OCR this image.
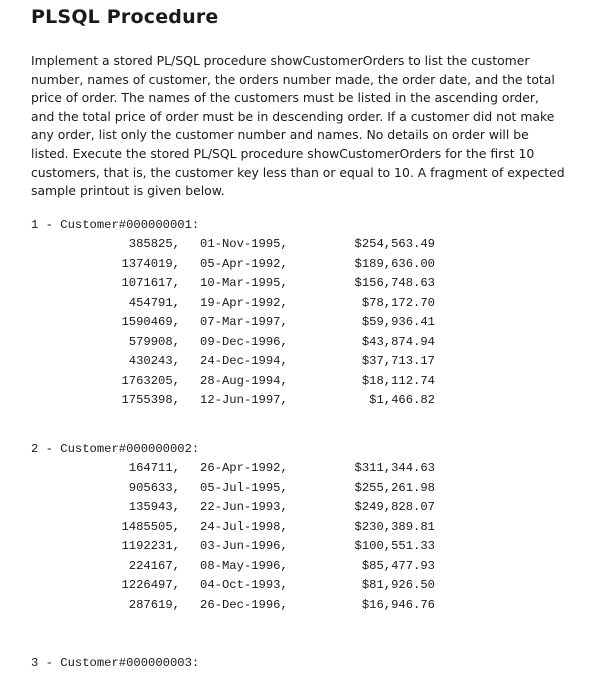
PLSQL Procedure

Implement a stored PL/SQL procedure showCustomerOrders to list the customer
number, names of customer, the orders number made, the order date, and the total
price of order. The names of the customers must be listed in the ascending order,
and the total price of order must be in descending order. If a customer did not make
any order, list only the customer number and names. No details on order will be
listed. Execute the stored PL/SQL procedure showCustomerOrders for the first 10
customers, that is, the customer key less than or equal to 10. A fragment of expected
sample printout is given below.

1 - Customer#000000001:
385825, 01-Nov-1995,	$254,563.49
1374019, 05-Apr-1992,	$189,636.00
1071617, 10-Mar-1995,	$156,748.63
454791, 19-Apr-1992,	$78,172.70
1590469, 07-Mar-1997,	$59,936.41
579908, 09-Dec-1996,	$43,874.94
430243, 24-Dec-1994,	$37,713.17
1763205, 28-Aug-1994,	$18,112.74
1755398, 12-Jun-1997,	$1,466.82
2 - Customer#000000002:
164711, 26-Apr-1992,	$311,344.63
905633, 05-Jul-1995,	$255,261.98
135943, 22-Jun-1993,	$249,828.07
1485505, 24-Jul-1998,	$230,389.81
1192231, 03-Jun-1996,	$100,551.33
224167, 08-May-1996,	$85,477.93
1226497, 04-Oct-1993,	$81,926.50
287619, 26-Dec-1996,	$16,946.76
3 - Customer#000000003:
